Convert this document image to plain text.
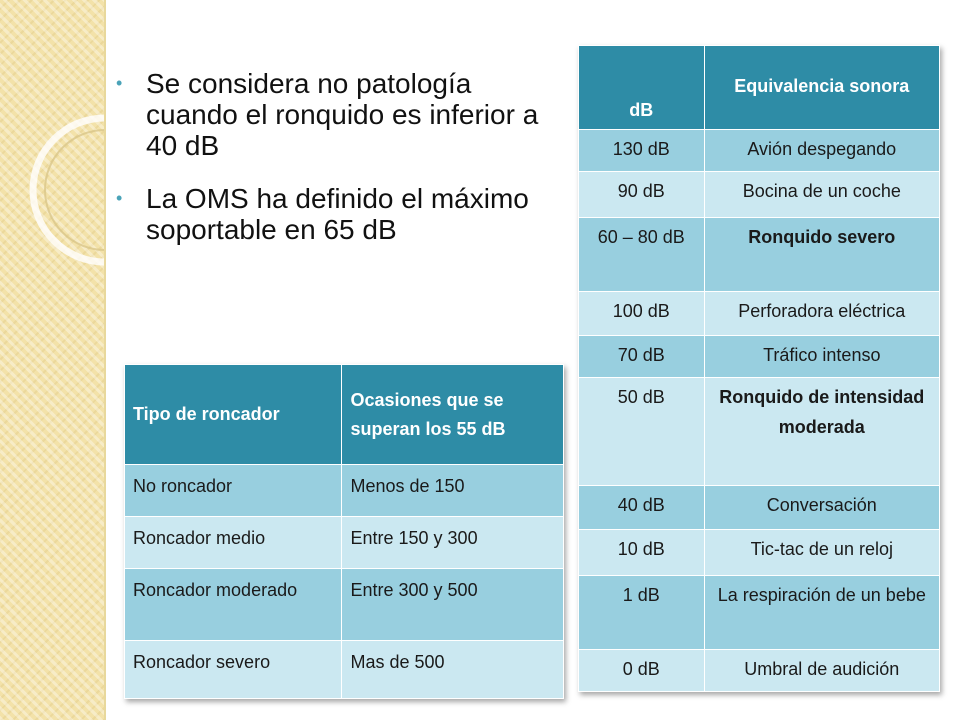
• Se considera no patología cuando el ronquido es inferior a 40 dB
• La OMS ha definido el máximo soportable en 65 dB
dB	Equivalencia sonora
130 dB	Avión despegando
90 dB	Bocina de un coche
60 – 80 dB	Ronquido severo
100 dB	Perforadora eléctrica
70 dB	Tráfico intenso
50 dB	Ronquido de intensidad moderada
40 dB	Conversación
10 dB	Tic-tac de un reloj
1 dB	La respiración de un bebe
0 dB	Umbral de audición
Tipo de roncador	Ocasiones que se superan los 55 dB
No roncador	Menos de 150
Roncador medio	Entre 150 y 300
Roncador moderado	Entre 300 y 500
Roncador severo	Mas de 500
